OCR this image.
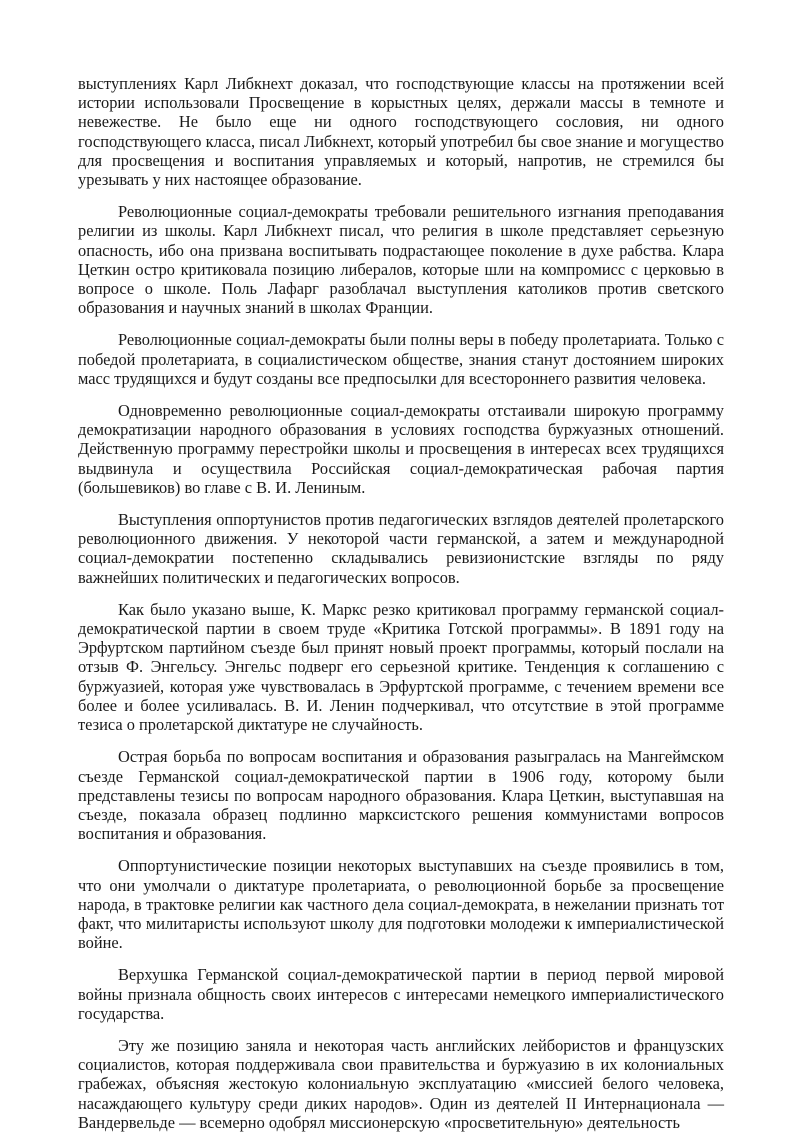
выступлениях Карл Либкнехт доказал, что господствующие классы на протяжении всей истории использовали Просвещение в корыстных целях, держали массы в темноте и невежестве. Не было еще ни одного господствующего сословия, ни одного господствующего класса, писал Либкнехт, который употребил бы свое знание и могущество для просвещения и воспитания управляемых и который, напротив, не стремился бы урезывать у них настоящее образование.

Революционные социал-демократы требовали решительного изгнания преподавания религии из школы. Карл Либкнехт писал, что религия в школе представляет серьезную опасность, ибо она призвана воспитывать подрастающее поколение в духе рабства. Клара Цеткин остро критиковала позицию либералов, которые шли на компромисс с церковью в вопросе о школе. Поль Лафарг разоблачал выступления католиков против светского образования и научных знаний в школах Франции.

Революционные социал-демократы были полны веры в победу пролетариата. Только с победой пролетариата, в социалистическом обществе, знания станут достоянием широких масс трудящихся и будут созданы все предпосылки для всестороннего развития человека.

Одновременно революционные социал-демократы отстаивали широкую программу демократизации народного образования в условиях господства буржуазных отношений. Действенную программу перестройки школы и просвещения в интересах всех трудящихся выдвинула и осуществила Российская социал-демократическая рабочая партия (большевиков) во главе с В. И. Лениным.

Выступления оппортунистов против педагогических взглядов деятелей пролетарского революционного движения. У некоторой части германской, а затем и международной социал-демократии постепенно складывались ревизионистские взгляды по ряду важнейших политических и педагогических вопросов.

Как было указано выше, К. Маркс резко критиковал программу германской социал-демократической партии в своем труде «Критика Готской программы». В 1891 году на Эрфуртском партийном съезде был принят новый проект программы, который послали на отзыв Ф. Энгельсу. Энгельс подверг его серьезной критике. Тенденция к соглашению с буржуазией, которая уже чувствовалась в Эрфуртской программе, с течением времени все более и более усиливалась. В. И. Ленин подчеркивал, что отсутствие в этой программе тезиса о пролетарской диктатуре не случайность.

Острая борьба по вопросам воспитания и образования разыгралась на Мангеймском съезде Германской социал-демократической партии в 1906 году, которому были представлены тезисы по вопросам народного образования. Клара Цеткин, выступавшая на съезде, показала образец подлинно марксистского решения коммунистами вопросов воспитания и образования.

Оппортунистические позиции некоторых выступавших на съезде проявились в том, что они умолчали о диктатуре пролетариата, о революционной борьбе за просвещение народа, в трактовке религии как частного дела социал-демократа, в нежелании признать тот факт, что милитаристы используют школу для подготовки молодежи к империалистической войне.

Верхушка Германской социал-демократической партии в период первой мировой войны признала общность своих интересов с интересами немецкого империалистического государства.

Эту же позицию заняла и некоторая часть английских лейбористов и французских социалистов, которая поддерживала свои правительства и буржуазию в их колониальных грабежах, объясняя жестокую колониальную эксплуатацию «миссией белого человека, насаждающего культуру среди диких народов». Один из деятелей II Интернационала — Вандервельде — всемерно одобрял миссионерскую «просветительную» деятельность
